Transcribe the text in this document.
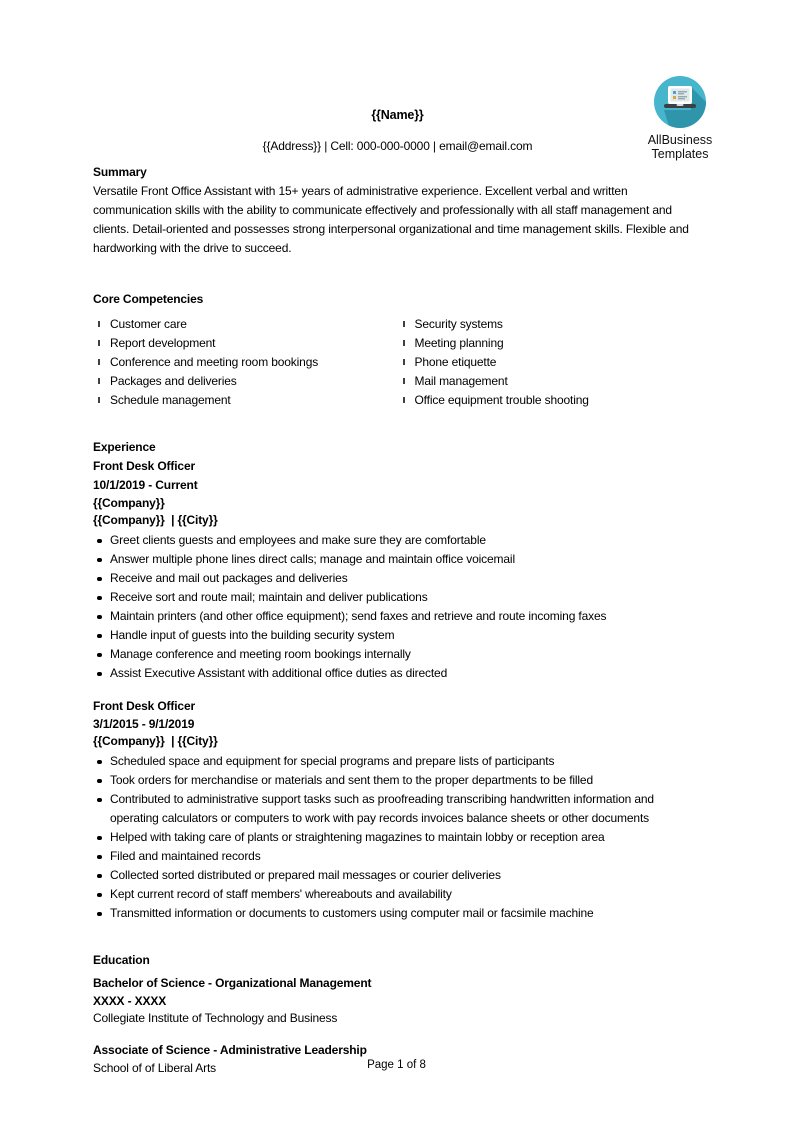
AllBusiness
Templates
{{Name}}
{{Address}} | Cell: 000-000-0000 | email@email.com
Summary

Versatile Front Office Assistant with 15+ years of administrative experience. Excellent verbal and written communication skills with the ability to communicate effectively and professionally with all staff management and clients. Detail-oriented and possesses strong interpersonal organizational and time management skills. Flexible and hardworking with the drive to succeed.

Core Competencies
Customer care
Report development
Conference and meeting room bookings
Packages and deliveries
Schedule management
Security systems
Meeting planning
Phone etiquette
Mail management
Office equipment trouble shooting
Experience
Front Desk Officer
10/1/2019 - Current
{{Company}}
{{Company}}  | {{City}}
Greet clients guests and employees and make sure they are comfortable
Answer multiple phone lines direct calls; manage and maintain office voicemail
Receive and mail out packages and deliveries
Receive sort and route mail; maintain and deliver publications
Maintain printers (and other office equipment); send faxes and retrieve and route incoming faxes
Handle input of guests into the building security system
Manage conference and meeting room bookings internally
Assist Executive Assistant with additional office duties as directed
Front Desk Officer
3/1/2015 - 9/1/2019
{{Company}}  | {{City}}
Scheduled space and equipment for special programs and prepare lists of participants
Took orders for merchandise or materials and sent them to the proper departments to be filled
Contributed to administrative support tasks such as proofreading transcribing handwritten information and operating calculators or computers to work with pay records invoices balance sheets or other documents
Helped with taking care of plants or straightening magazines to maintain lobby or reception area
Filed and maintained records
Collected sorted distributed or prepared mail messages or courier deliveries
Kept current record of staff members' whereabouts and availability
Transmitted information or documents to customers using computer mail or facsimile machine
Education
Bachelor of Science - Organizational Management
XXXX - XXXX
Collegiate Institute of Technology and Business
Associate of Science - Administrative Leadership
School of of Liberal Arts	Page 1 of 8
